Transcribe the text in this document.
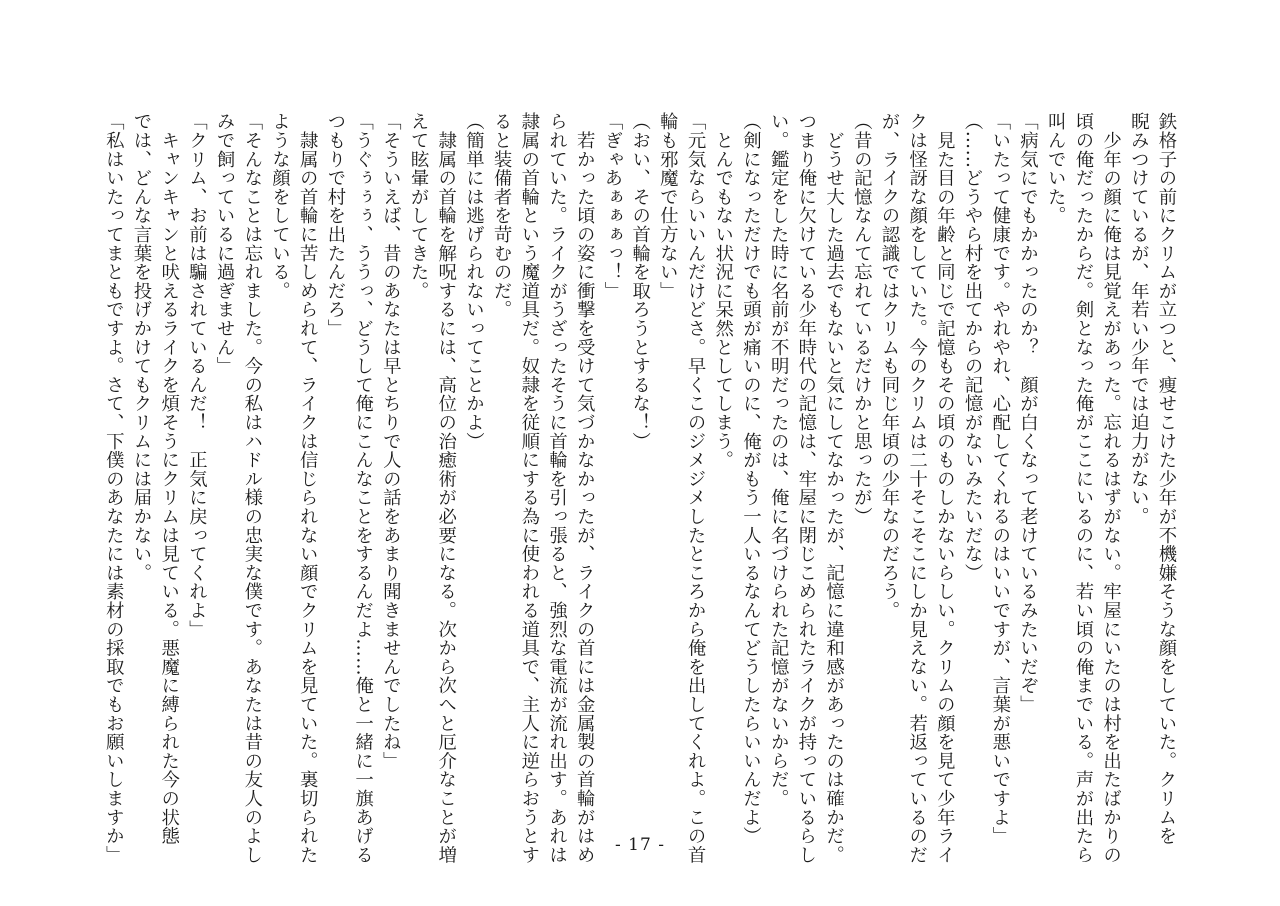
鉄格子の前にクリムが立つと、痩せこけた少年が不機嫌そうな顔をしていた。クリムを
睨みつけているが、年若い少年では迫力がない。
　少年の顔に俺は見覚えがあった。忘れるはずがない。牢屋にいたのは村を出たばかりの
頃の俺だったからだ。剣となった俺がここにいるのに、若い頃の俺までいる。声が出たら
叫んでいた。
「病気にでもかかったのか？　顔が白くなって老けているみたいだぞ」
「いたって健康です。やれやれ、心配してくれるのはいいですが、言葉が悪いですよ」
（……どうやら村を出てからの記憶がないみたいだな）
　見た目の年齢と同じで記憶もその頃のものしかないらしい。クリムの顔を見て少年ライ
クは怪訝な顔をしていた。今のクリムは二十そこそこにしか見えない。若返っているのだ
が、ライクの認識ではクリムも同じ年頃の少年なのだろう。
（昔の記憶なんて忘れているだけかと思ったが）
　どうせ大した過去でもないと気にしてなかったが、記憶に違和感があったのは確かだ。
つまり俺に欠けている少年時代の記憶は、牢屋に閉じこめられたライクが持っているらし
い。鑑定をした時に名前が不明だったのは、俺に名づけられた記憶がないからだ。
（剣になっただけでも頭が痛いのに、俺がもう一人いるなんてどうしたらいいんだよ）
　とんでもない状況に呆然としてしまう。
「元気ならいいんだけどさ。早くこのジメジメしたところから俺を出してくれよ。この首
輪も邪魔で仕方ない」
（おい、その首輪を取ろうとするな！）
「ぎゃあぁぁぁっ！」
　若かった頃の姿に衝撃を受けて気づかなかったが、ライクの首には金属製の首輪がはめ
られていた。ライクがうざったそうに首輪を引っ張ると、強烈な電流が流れ出す。あれは
隷属の首輪という魔道具だ。奴隷を従順にする為に使われる道具で、主人に逆らおうとす
ると装備者を苛むのだ。
（簡単には逃げられないってことかよ）
　隷属の首輪を解呪するには、高位の治癒術が必要になる。次から次へと厄介なことが増
えて眩暈がしてきた。
「そういえば、昔のあなたは早とちりで人の話をあまり聞きませんでしたね」
「うぐぅぅぅ、ううっ、どうして俺にこんなことをするんだよ……俺と一緒に一旗あげる
つもりで村を出たんだろ」
　隷属の首輪に苦しめられて、ライクは信じられない顔でクリムを見ていた。裏切られた
ような顔をしている。
「そんなことは忘れました。今の私はハドル様の忠実な僕です。あなたは昔の友人のよし
みで飼っているに過ぎません」
「クリム、お前は騙されているんだ！　正気に戻ってくれよ」
　キャンキャンと吠えるライクを煩そうにクリムは見ている。悪魔に縛られた今の状態
では、どんな言葉を投げかけてもクリムには届かない。
「私はいたってまともですよ。さて、下僕のあなたには素材の採取でもお願いしますか」	- 17 -
